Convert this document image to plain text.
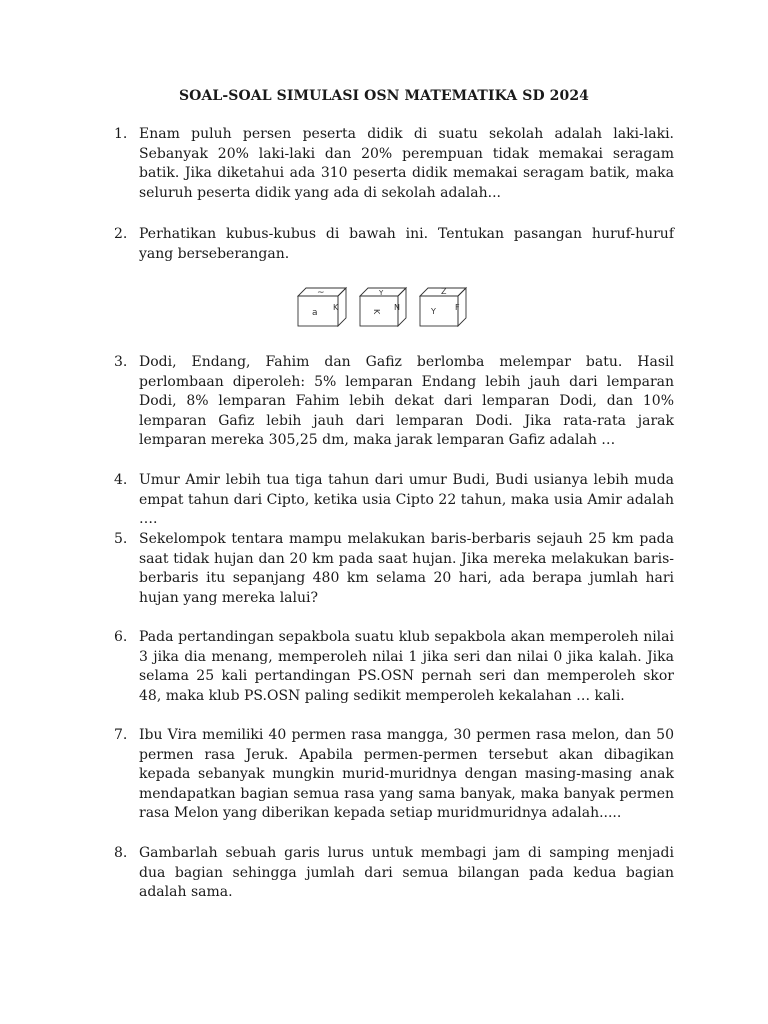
SOAL-SOAL SIMULASI OSN MATEMATIKA SD 2024
1. Enam puluh persen peserta didik di suatu sekolah adalah laki-laki. Sebanyak 20% laki-laki dan 20% perempuan tidak memakai seragam batik. Jika diketahui ada 310 peserta didik memakai seragam batik, maka seluruh peserta didik yang ada di sekolah adalah...
2. Perhatikan kubus-kubus di bawah ini. Tentukan pasangan huruf-huruf yang berseberangan.
a
K
~
K N
Y
Y F
Z
3. Dodi, Endang, Fahim dan Gafiz berlomba melempar batu. Hasil perlombaan diperoleh: 5% lemparan Endang lebih jauh dari lemparan Dodi, 8% lemparan Fahim lebih dekat dari lemparan Dodi, dan 10% lemparan Gafiz lebih jauh dari lemparan Dodi. Jika rata-rata jarak lemparan mereka 305,25 dm, maka jarak lemparan Gafiz adalah …
4. Umur Amir lebih tua tiga tahun dari umur Budi, Budi usianya lebih muda empat tahun dari Cipto, ketika usia Cipto 22 tahun, maka usia Amir adalah ….
5. Sekelompok tentara mampu melakukan baris-berbaris sejauh 25 km pada saat tidak hujan dan 20 km pada saat hujan. Jika mereka melakukan baris-berbaris itu sepanjang 480 km selama 20 hari, ada berapa jumlah hari hujan yang mereka lalui?
6. Pada pertandingan sepakbola suatu klub sepakbola akan memperoleh nilai 3 jika dia menang, memperoleh nilai 1 jika seri dan nilai 0 jika kalah. Jika selama 25 kali pertandingan PS.OSN pernah seri dan memperoleh skor 48, maka klub PS.OSN paling sedikit memperoleh kekalahan … kali.
7. Ibu Vira memiliki 40 permen rasa mangga, 30 permen rasa melon, dan 50 permen rasa Jeruk. Apabila permen-permen tersebut akan dibagikan kepada sebanyak mungkin murid-muridnya dengan masing-masing anak mendapatkan bagian semua rasa yang sama banyak, maka banyak permen rasa Melon yang diberikan kepada setiap muridmuridnya adalah.....
8. Gambarlah sebuah garis lurus untuk membagi jam di samping menjadi dua bagian sehingga jumlah dari semua bilangan pada kedua bagian adalah sama.
